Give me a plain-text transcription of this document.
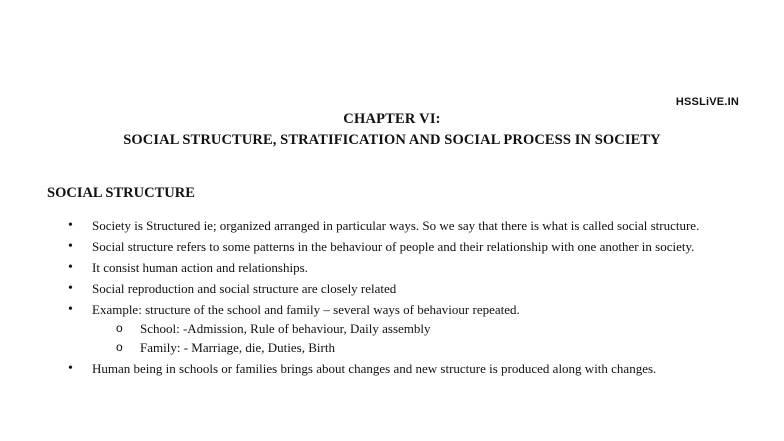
HSSLiVE.IN
CHAPTER VI:
SOCIAL STRUCTURE, STRATIFICATION AND SOCIAL PROCESS IN SOCIETY
SOCIAL STRUCTURE
• Society is Structured ie; organized arranged in particular ways. So we say that there is what is called social structure.
• Social structure refers to some patterns in the behaviour of people and their relationship with one another in society.
• It consist human action and relationships.
• Social reproduction and social structure are closely related
• Example: structure of the school and family – several ways of behaviour repeated.
o School: -Admission, Rule of behaviour, Daily assembly
o Family: - Marriage, die, Duties, Birth
• Human being in schools or families brings about changes and new structure is produced along with changes.
